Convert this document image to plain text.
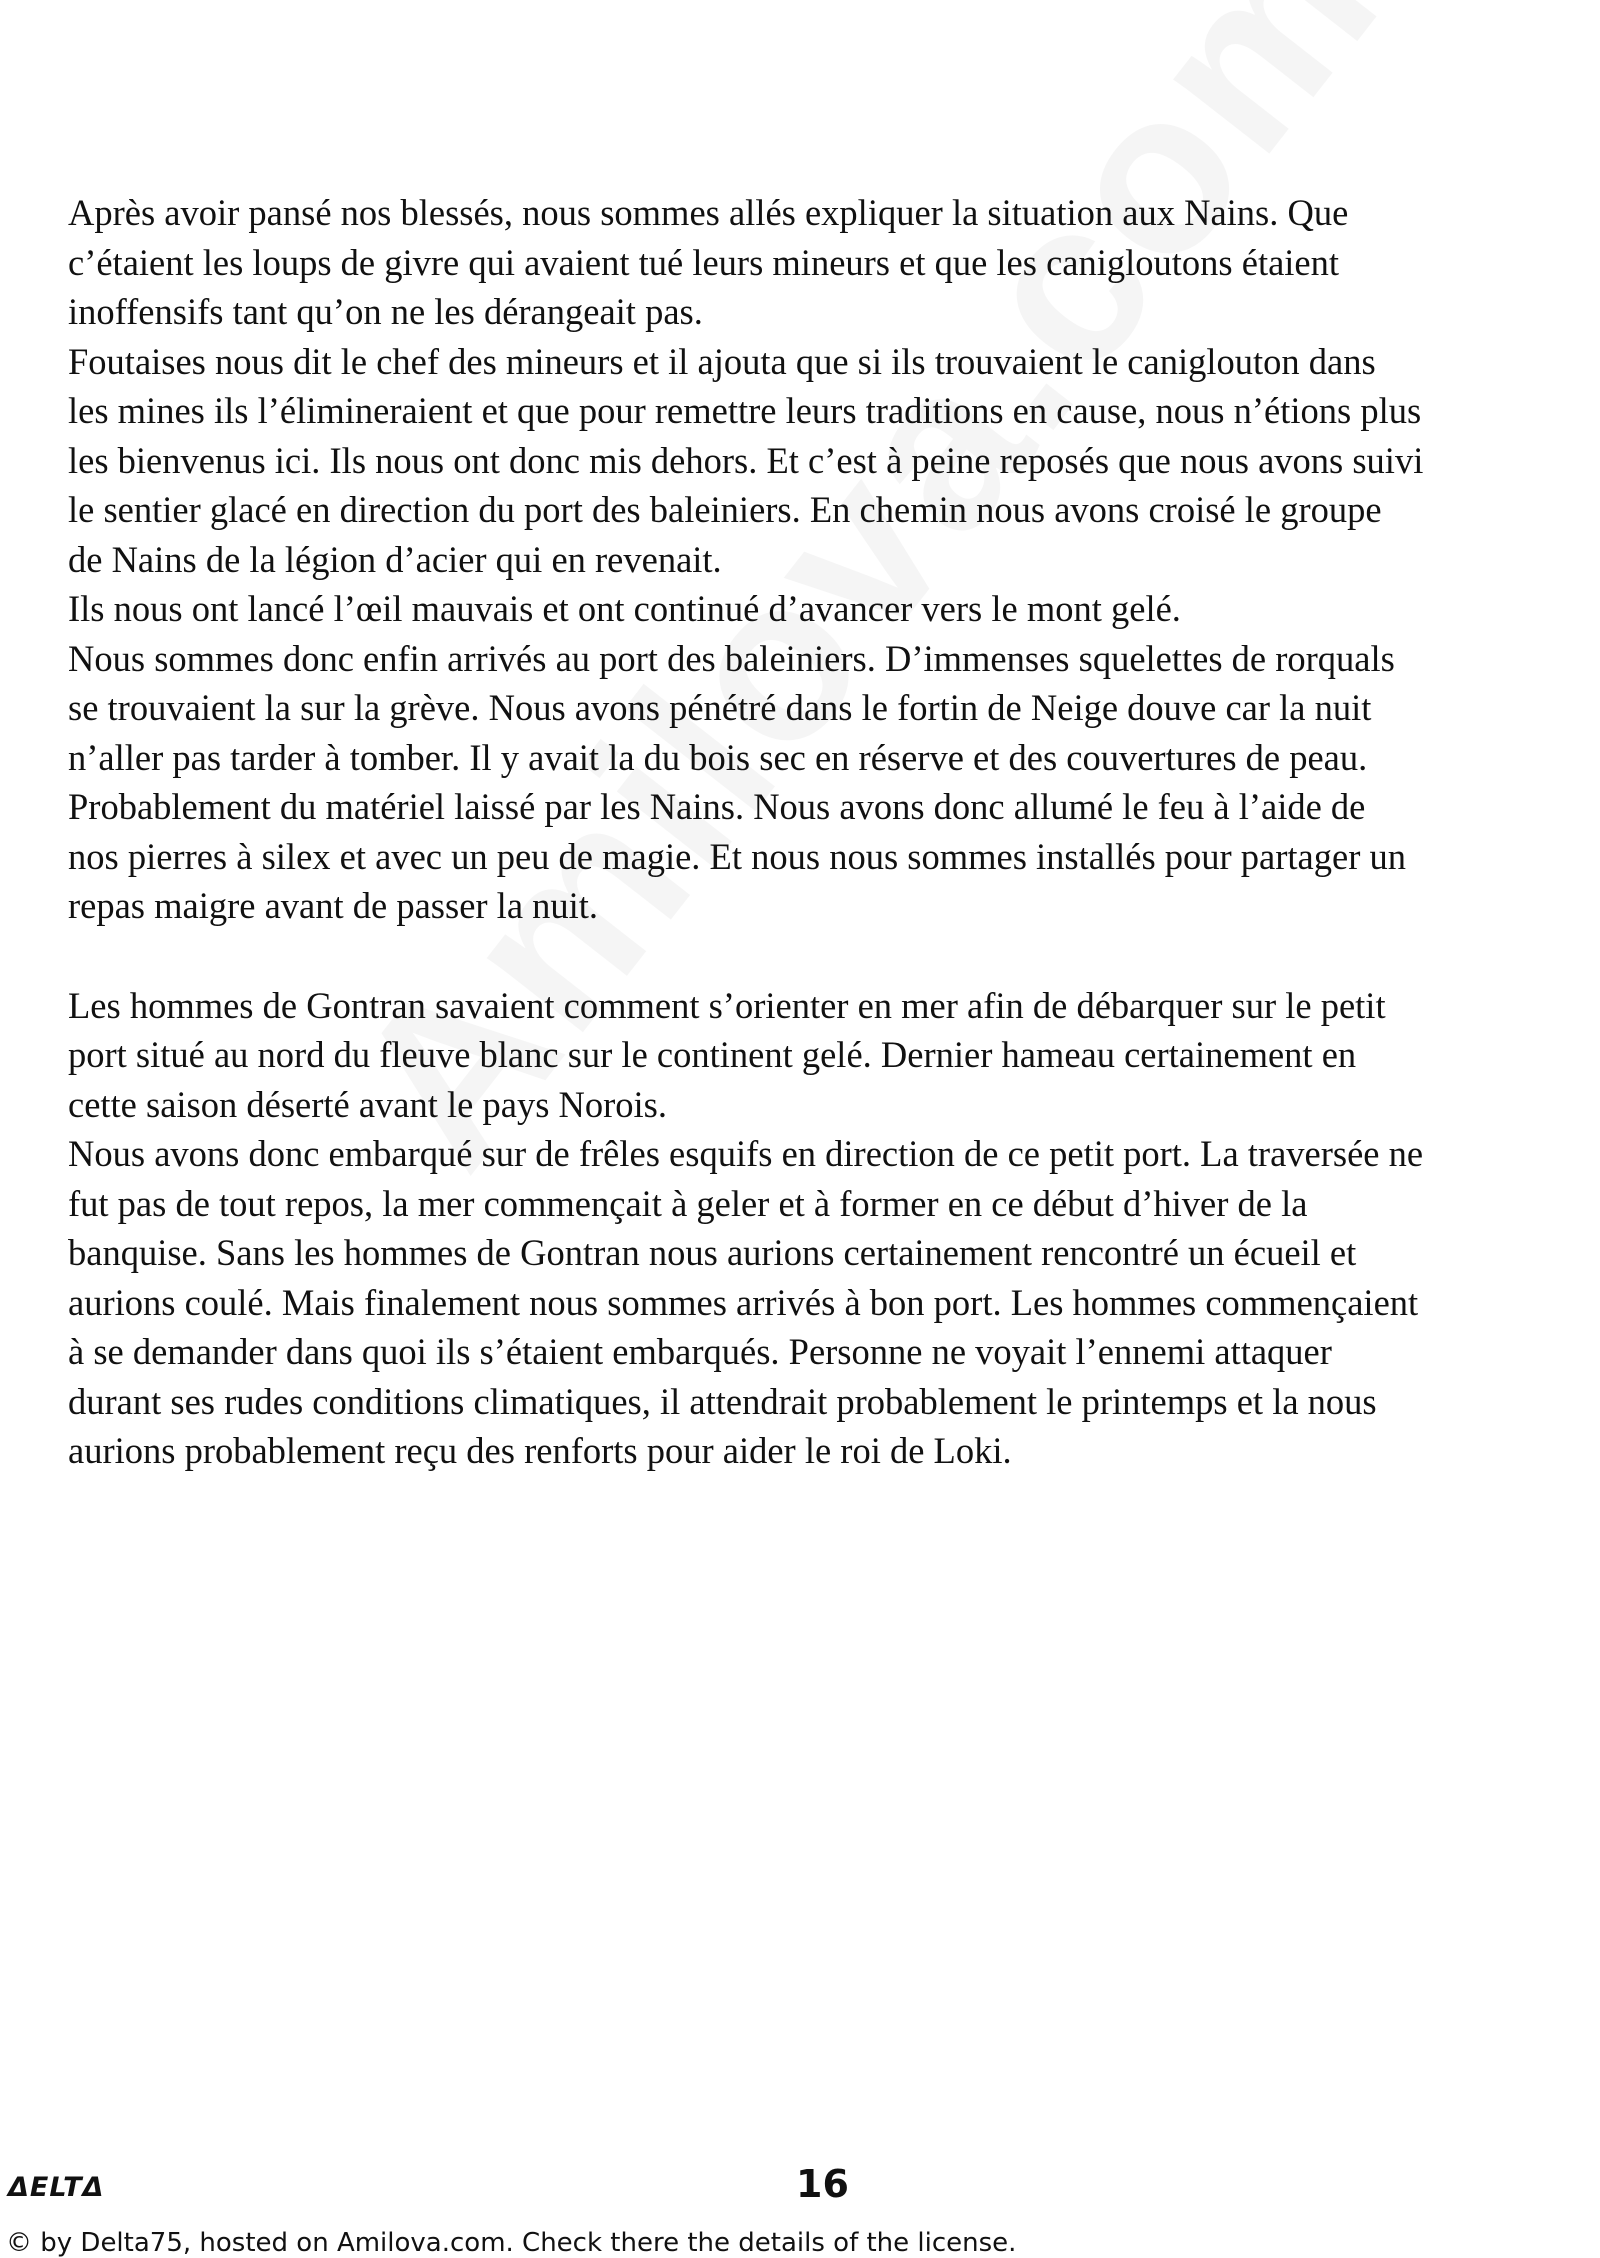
Après avoir pansé nos blessés, nous sommes allés expliquer la situation aux Nains. Que
c’étaient les loups de givre qui avaient tué leurs mineurs et que les canigloutons étaient
inoffensifs tant qu’on ne les dérangeait pas.
Foutaises nous dit le chef des mineurs et il ajouta que si ils trouvaient le caniglouton dans
les mines ils l’élimineraient et que pour remettre leurs traditions en cause, nous n’étions plus
les bienvenus ici. Ils nous ont donc mis dehors. Et c’est à peine reposés que nous avons suivi
le sentier glacé en direction du port des baleiniers. En chemin nous avons croisé le groupe
de Nains de la légion d’acier qui en revenait.
Ils nous ont lancé l’œil mauvais et ont continué d’avancer vers le mont gelé.
Nous sommes donc enfin arrivés au port des baleiniers. D’immenses squelettes de rorquals
se trouvaient la sur la grève. Nous avons pénétré dans le fortin de Neige douve car la nuit
n’aller pas tarder à tomber. Il y avait la du bois sec en réserve et des couvertures de peau.
Probablement du matériel laissé par les Nains. Nous avons donc allumé le feu à l’aide de
nos pierres à silex et avec un peu de magie. Et nous nous sommes installés pour partager un
repas maigre avant de passer la nuit.

Les hommes de Gontran savaient comment s’orienter en mer afin de débarquer sur le petit
port situé au nord du fleuve blanc sur le continent gelé. Dernier hameau certainement en
cette saison déserté avant le pays Norois.
Nous avons donc embarqué sur de frêles esquifs en direction de ce petit port. La traversée ne
fut pas de tout repos, la mer commençait à geler et à former en ce début d’hiver de la
banquise. Sans les hommes de Gontran nous aurions certainement rencontré un écueil et
aurions coulé. Mais finalement nous sommes arrivés à bon port. Les hommes commençaient
à se demander dans quoi ils s’étaient embarqués. Personne ne voyait l’ennemi attaquer
durant ses rudes conditions climatiques, il attendrait probablement le printemps et la nous
aurions probablement reçu des renforts pour aider le roi de Loki.

ΔELTΔ	16
© by Delta75, hosted on Amilova.com. Check there the details of the license.
